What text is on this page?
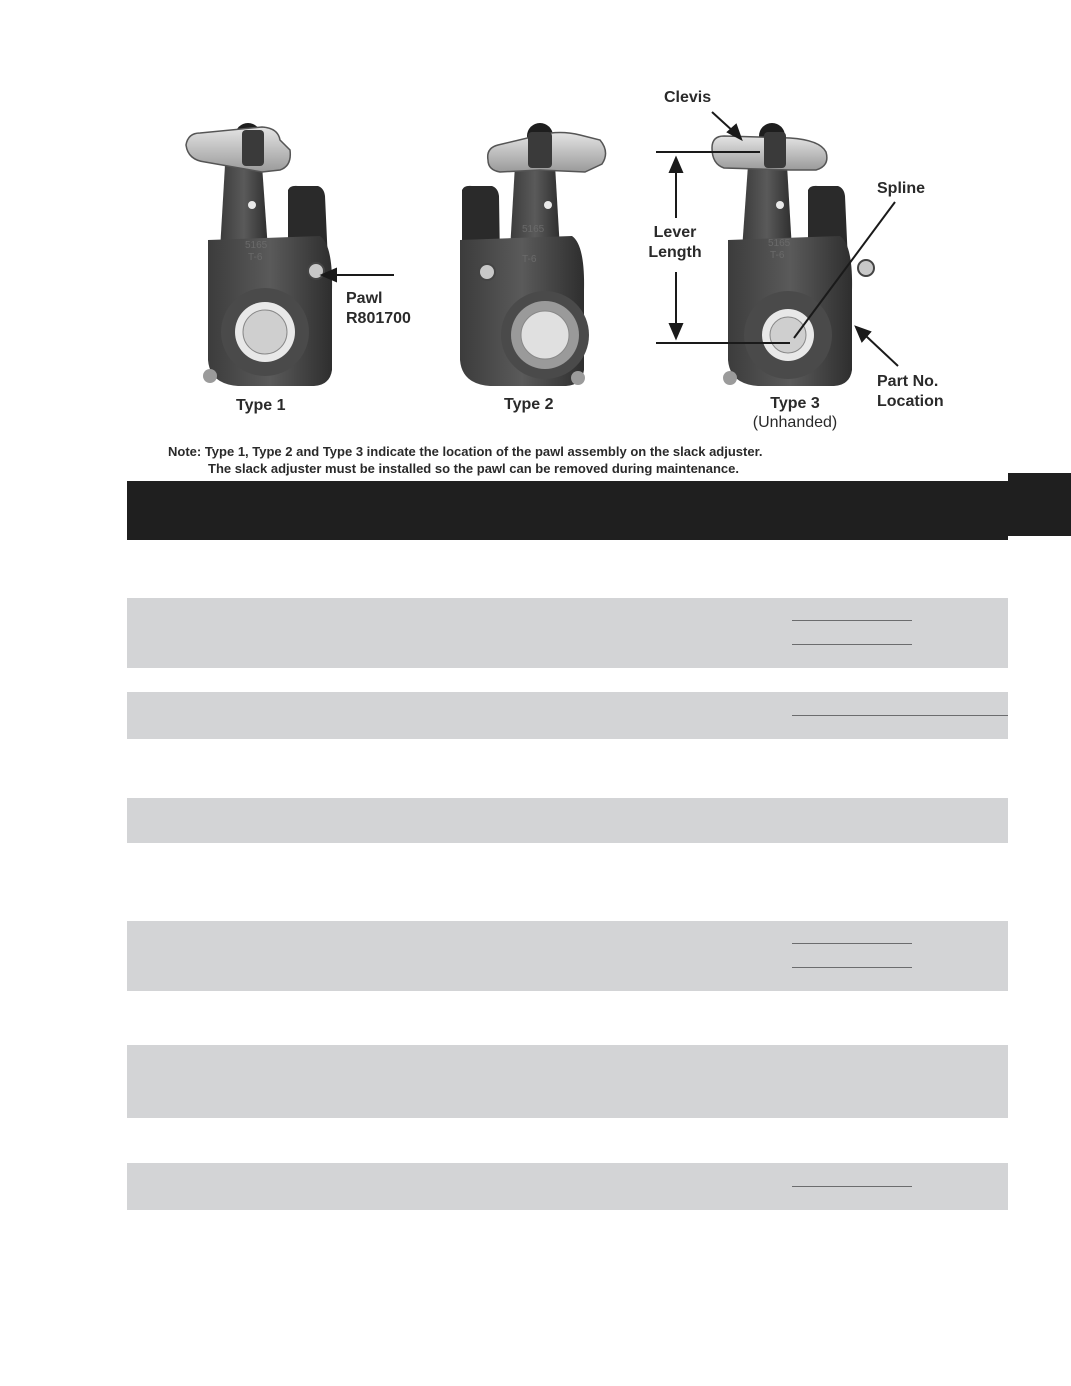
5165
T-6
5165
T-6
5165
T-6
Clevis
Spline
Lever
Length
Pawl
R801700
Part No.
Location
Type 1	Type 2	Type 3
(Unhanded)
Note: Type 1, Type 2 and Type 3 indicate the location of the pawl assembly on the slack adjuster.
The slack adjuster must be installed so the pawl can be removed during maintenance.
